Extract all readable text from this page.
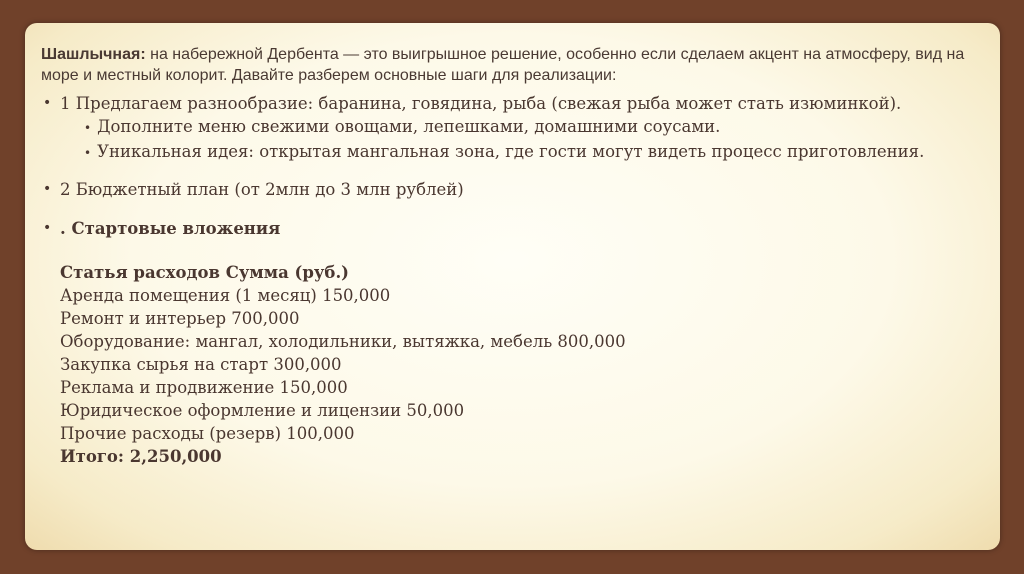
Шашлычная: на набережной Дербента — это выигрышное решение, особенно если сделаем акцент на атмосферу, вид на море и местный колорит. Давайте разберем основные шаги для реализации:
• 1 Предлагаем разнообразие: баранина, говядина, рыба (свежая рыба может стать изюминкой).
• Дополните меню свежими овощами, лепешками, домашними соусами.
• Уникальная идея: открытая мангальная зона, где гости могут видеть процесс приготовления.
• 2 Бюджетный план (от 2млн до 3 млн рублей)
• . Стартовые вложения
Статья расходов Сумма (руб.)
Аренда помещения (1 месяц) 150,000
Ремонт и интерьер 700,000
Оборудование: мангал, холодильники, вытяжка, мебель 800,000
Закупка сырья на старт 300,000
Реклама и продвижение 150,000
Юридическое оформление и лицензии 50,000
Прочие расходы (резерв) 100,000
Итого: 2,250,000
